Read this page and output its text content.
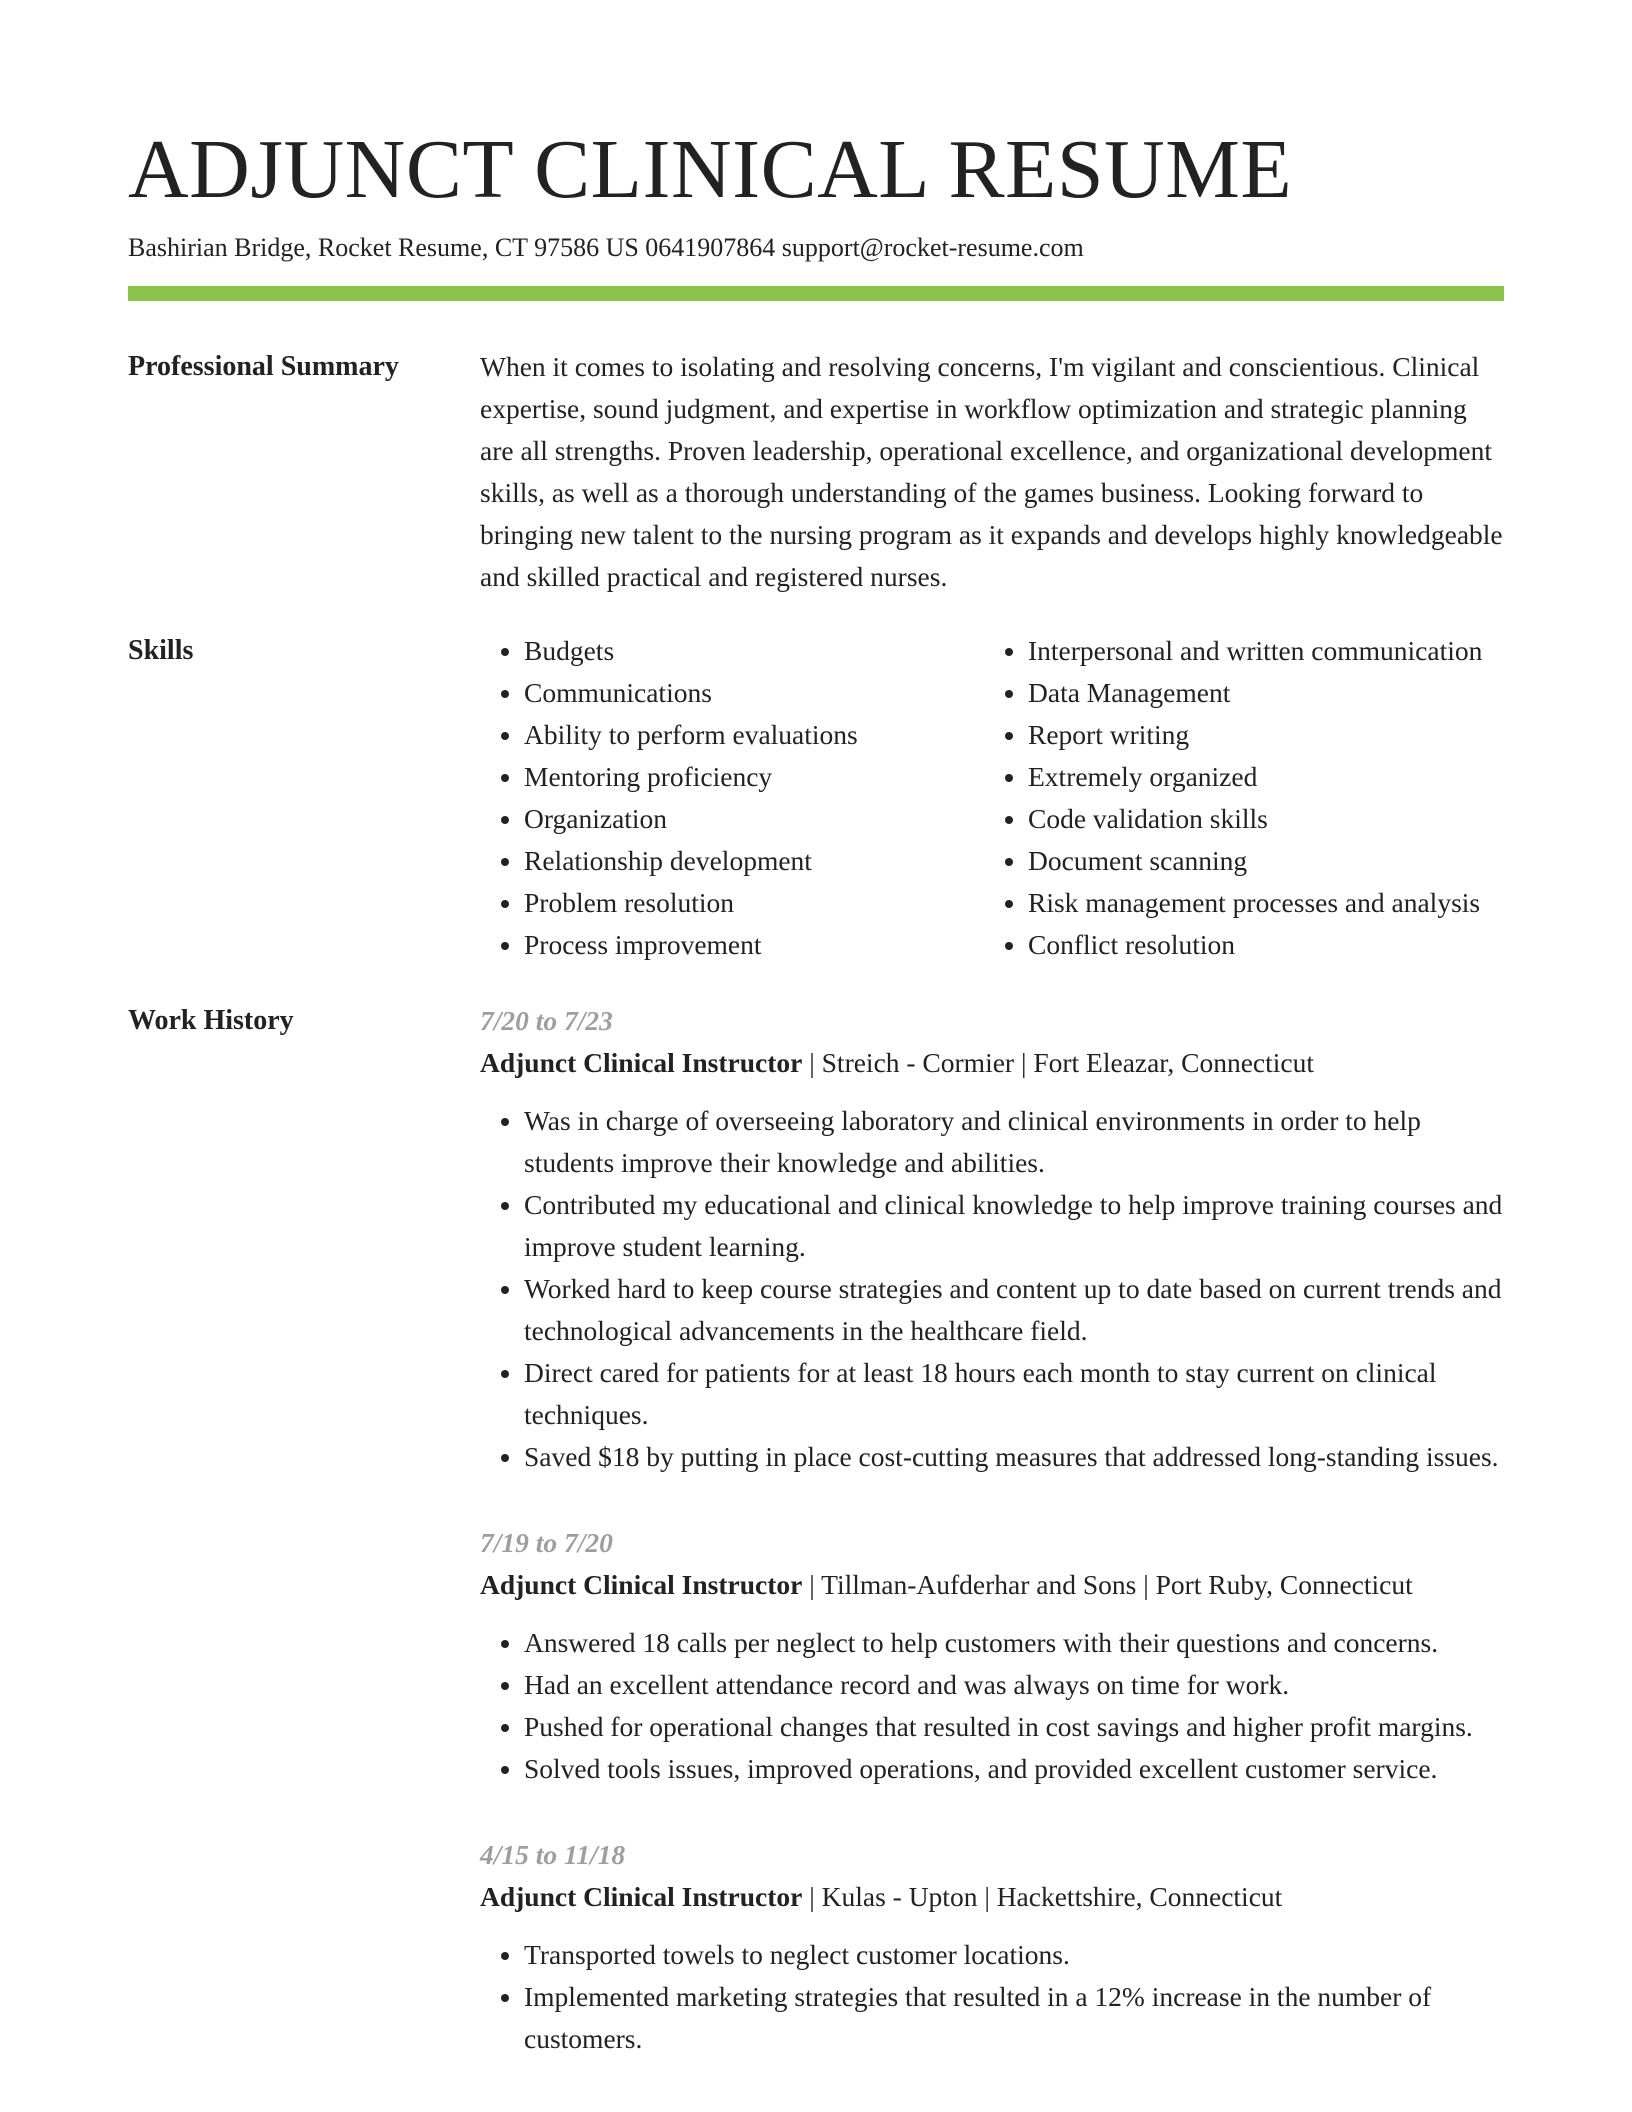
ADJUNCT CLINICAL RESUME
Bashirian Bridge, Rocket Resume, CT 97586 US 0641907864 support@rocket-resume.com
Professional Summary	When it comes to isolating and resolving concerns, I'm vigilant and conscientious. Clinical expertise, sound judgment, and expertise in workflow optimization and strategic planning are all strengths. Proven leadership, operational excellence, and organizational development skills, as well as a thorough understanding of the games business. Looking forward to bringing new talent to the nursing program as it expands and develops highly knowledgeable and skilled practical and registered nurses.

Skills
•	Budgets
• Communications
• Ability to perform evaluations
• Mentoring proficiency
• Organization
• Relationship development
• Problem resolution
• Process improvement
• Interpersonal and written communication
• Data Management
• Report writing
• Extremely organized
• Code validation skills
• Document scanning
• Risk management processes and analysis
• Conflict resolution
Work History	7/20 to 7/23
Adjunct Clinical Instructor | Streich - Cormier | Fort Eleazar, Connecticut
• Was in charge of overseeing laboratory and clinical environments in order to help students improve their knowledge and abilities.
• Contributed my educational and clinical knowledge to help improve training courses and improve student learning.
• Worked hard to keep course strategies and content up to date based on current trends and technological advancements in the healthcare field.
• Direct cared for patients for at least 18 hours each month to stay current on clinical techniques.
• Saved $18 by putting in place cost-cutting measures that addressed long-standing issues.
7/19 to 7/20
Adjunct Clinical Instructor | Tillman-Aufderhar and Sons | Port Ruby, Connecticut
• Answered 18 calls per neglect to help customers with their questions and concerns.
• Had an excellent attendance record and was always on time for work.
• Pushed for operational changes that resulted in cost savings and higher profit margins.
• Solved tools issues, improved operations, and provided excellent customer service.
4/15 to 11/18
Adjunct Clinical Instructor | Kulas - Upton | Hackettshire, Connecticut
• Transported towels to neglect customer locations.
• Implemented marketing strategies that resulted in a 12% increase in the number of customers.
